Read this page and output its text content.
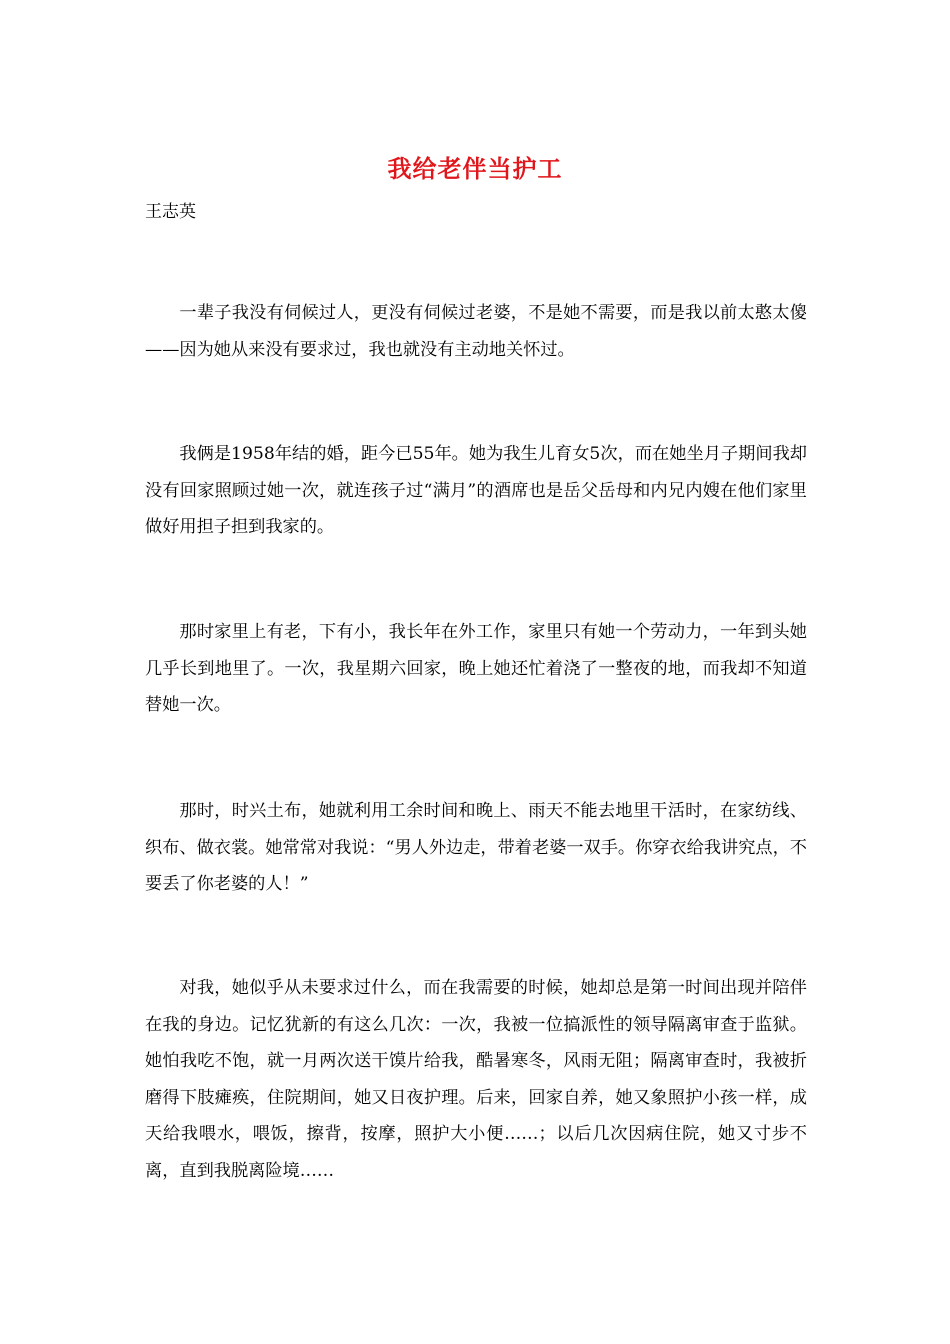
我给老伴当护工
王志英

一辈子我没有伺候过人，更没有伺候过老婆，不是她不需要，而是我以前太憨太傻——因为她从来没有要求过，我也就没有主动地关怀过。

我俩是1958年结的婚，距今已55年。她为我生儿育女5次，而在她坐月子期间我却没有回家照顾过她一次，就连孩子过“满月”的酒席也是岳父岳母和内兄内嫂在他们家里做好用担子担到我家的。

那时家里上有老，下有小，我长年在外工作，家里只有她一个劳动力，一年到头她几乎长到地里了。一次，我星期六回家，晚上她还忙着浇了一整夜的地，而我却不知道替她一次。

那时，时兴土布，她就利用工余时间和晚上、雨天不能去地里干活时，在家纺线、织布、做衣裳。她常常对我说：“男人外边走，带着老婆一双手。你穿衣给我讲究点，不要丢了你老婆的人！”

对我，她似乎从未要求过什么，而在我需要的时候，她却总是第一时间出现并陪伴在我的身边。记忆犹新的有这么几次：一次，我被一位搞派性的领导隔离审查于监狱。她怕我吃不饱，就一月两次送干馍片给我，酷暑寒冬，风雨无阻；隔离审查时，我被折磨得下肢瘫痪，住院期间，她又日夜护理。后来，回家自养，她又象照护小孩一样，成天给我喂水，喂饭，擦背，按摩，照护大小便……；以后几次因病住院，她又寸步不离，直到我脱离险境……
